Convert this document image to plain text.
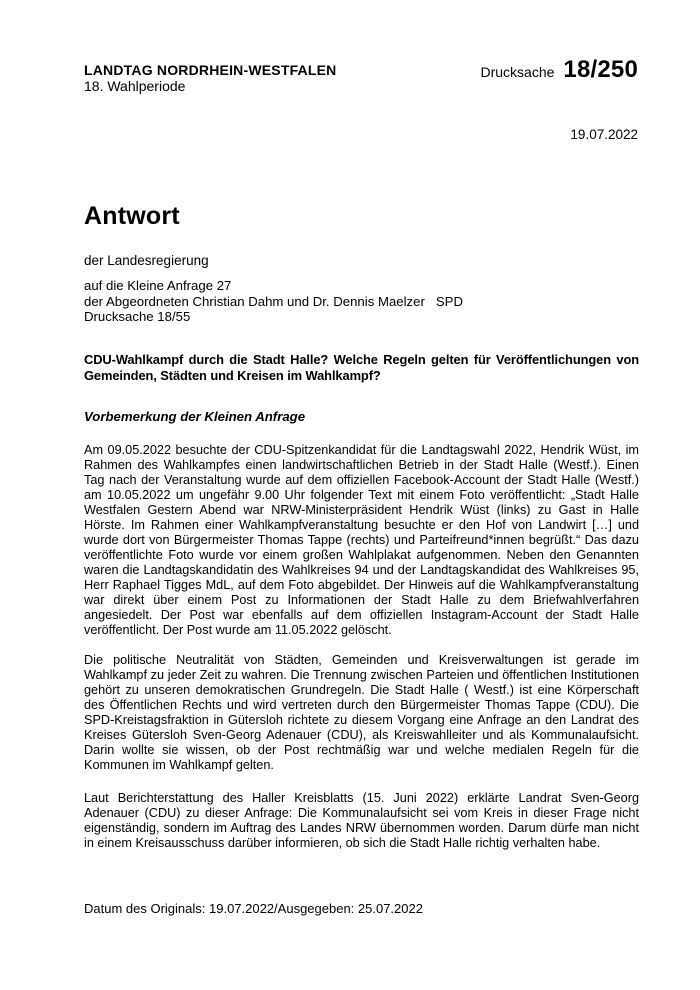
LANDTAG NORDRHEIN-WESTFALEN
18. Wahlperiode
Drucksache 18/250
19.07.2022
Antwort
der Landesregierung
auf die Kleine Anfrage 27
der Abgeordneten Christian Dahm und Dr. Dennis Maelzer SPD
Drucksache 18/55
CDU-Wahlkampf durch die Stadt Halle? Welche Regeln gelten für Veröffentlichungen von Gemeinden, Städten und Kreisen im Wahlkampf?
Vorbemerkung der Kleinen Anfrage

Am 09.05.2022 besuchte der CDU-Spitzenkandidat für die Landtagswahl 2022, Hendrik Wüst, im Rahmen des Wahlkampfes einen landwirtschaftlichen Betrieb in der Stadt Halle (Westf.). Einen Tag nach der Veranstaltung wurde auf dem offiziellen Facebook-Account der Stadt Halle (Westf.) am 10.05.2022 um ungefähr 9.00 Uhr folgender Text mit einem Foto veröffentlicht: „Stadt Halle Westfalen Gestern Abend war NRW-Ministerpräsident Hendrik Wüst (links) zu Gast in Halle Hörste. Im Rahmen einer Wahlkampfveranstaltung besuchte er den Hof von Landwirt […] und wurde dort von Bürgermeister Thomas Tappe (rechts) und Parteifreund*innen begrüßt.“ Das dazu veröffentlichte Foto wurde vor einem großen Wahlplakat aufgenommen. Neben den Genannten waren die Landtagskandidatin des Wahlkreises 94 und der Landtagskandidat des Wahlkreises 95, Herr Raphael Tigges MdL, auf dem Foto abgebildet. Der Hinweis auf die Wahlkampfveranstaltung war direkt über einem Post zu Informationen der Stadt Halle zu dem Briefwahlverfahren angesiedelt. Der Post war ebenfalls auf dem offiziellen Instagram-Account der Stadt Halle veröffentlicht. Der Post wurde am 11.05.2022 gelöscht.

Die politische Neutralität von Städten, Gemeinden und Kreisverwaltungen ist gerade im Wahlkampf zu jeder Zeit zu wahren. Die Trennung zwischen Parteien und öffentlichen Institutionen gehört zu unseren demokratischen Grundregeln. Die Stadt Halle ( Westf.) ist eine Körperschaft des Öffentlichen Rechts und wird vertreten durch den Bürgermeister Thomas Tappe (CDU). Die SPD-Kreistagsfraktion in Gütersloh richtete zu diesem Vorgang eine Anfrage an den Landrat des Kreises Gütersloh Sven-Georg Adenauer (CDU), als Kreiswahlleiter und als Kommunalaufsicht. Darin wollte sie wissen, ob der Post rechtmäßig war und welche medialen Regeln für die Kommunen im Wahlkampf gelten.

Laut Berichterstattung des Haller Kreisblatts (15. Juni 2022) erklärte Landrat Sven-Georg Adenauer (CDU) zu dieser Anfrage: Die Kommunalaufsicht sei vom Kreis in dieser Frage nicht eigenständig, sondern im Auftrag des Landes NRW übernommen worden. Darum dürfe man nicht in einem Kreisausschuss darüber informieren, ob sich die Stadt Halle richtig verhalten habe.

Datum des Originals: 19.07.2022/Ausgegeben: 25.07.2022
